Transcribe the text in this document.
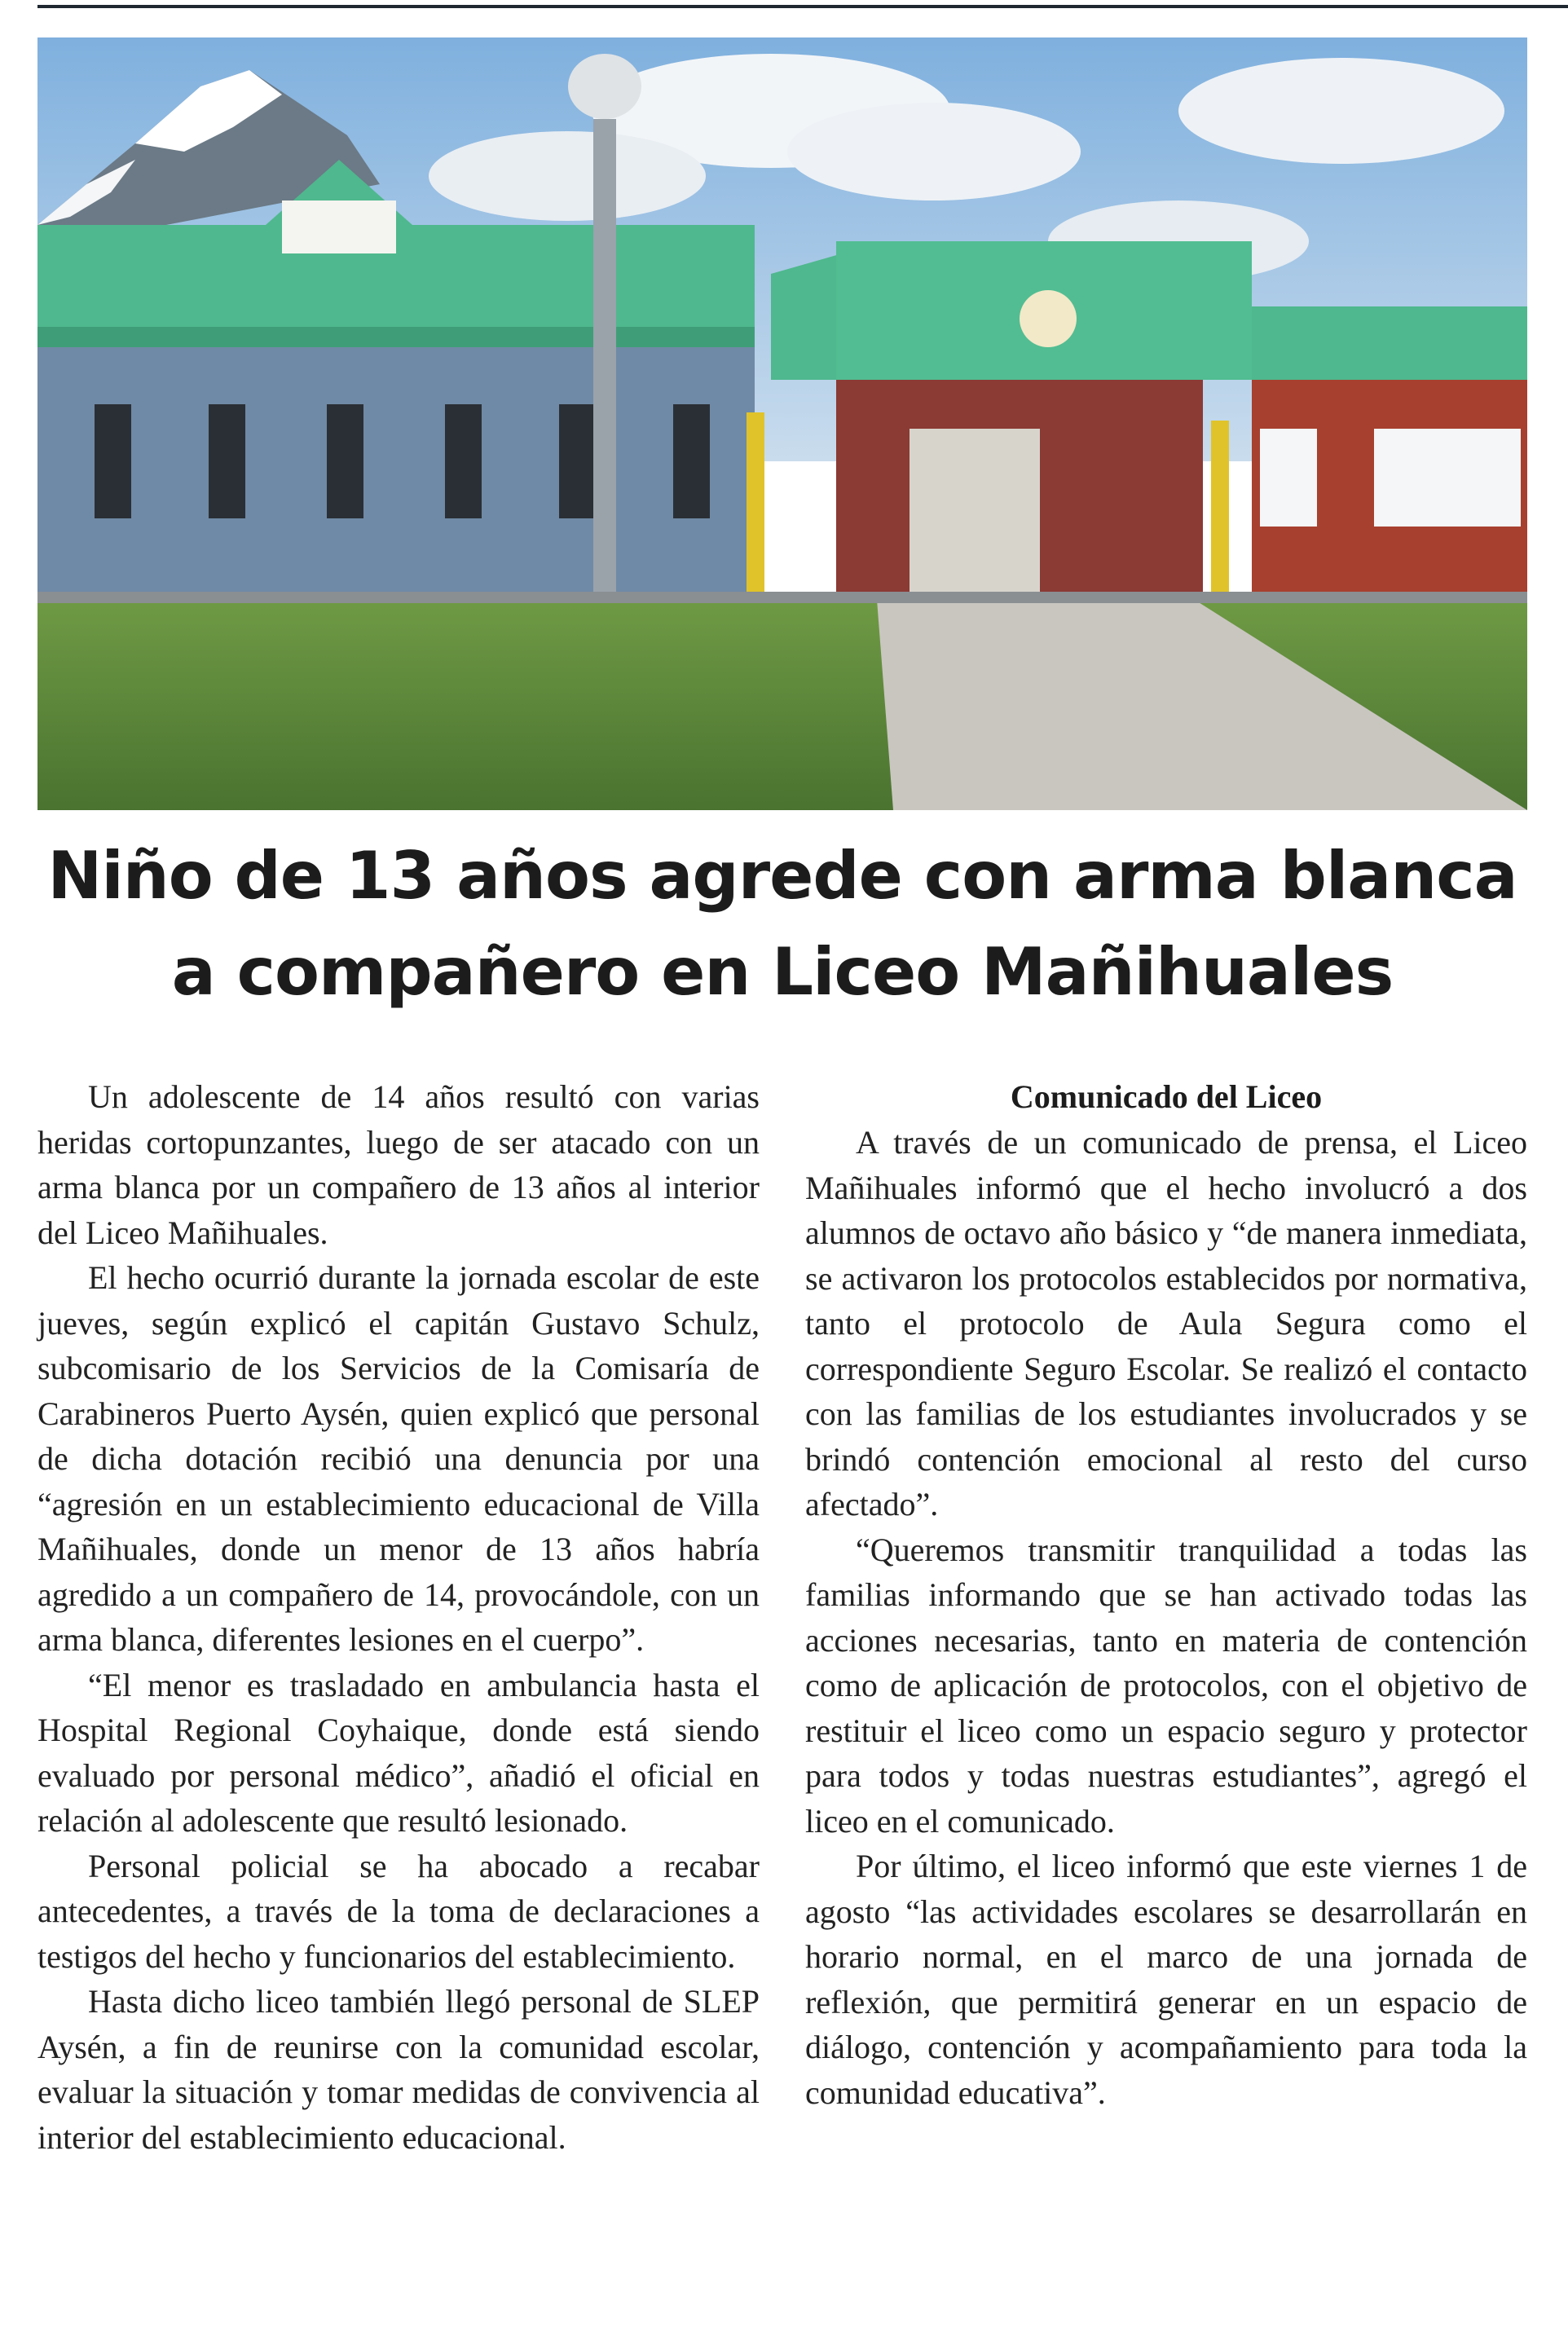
Niño de 13 años agrede con arma blanca
a compañero en Liceo Mañihuales

Un adolescente de 14 años resultó con varias heridas cortopunzantes, luego de ser atacado con un arma blanca por un compañero de 13 años al interior del Liceo Mañihuales.

El hecho ocurrió durante la jornada escolar de este jueves, según explicó el capitán Gustavo Schulz, subcomisario de los Servicios de la Comisaría de Carabineros Puerto Aysén, quien explicó que personal de dicha dotación recibió una denuncia por una “agresión en un establecimiento educacional de Villa Mañihuales, donde un menor de 13 años habría agredido a un compañero de 14, provocándole, con un arma blanca, diferentes lesiones en el cuerpo”.

“El menor es trasladado en ambulancia hasta el Hospital Regional Coyhaique, donde está siendo evaluado por personal médico”, añadió el oficial en relación al adolescente que resultó lesionado.

Personal policial se ha abocado a recabar antecedentes, a través de la toma de declaraciones a testigos del hecho y funcionarios del establecimiento.

Hasta dicho liceo también llegó personal de SLEP Aysén, a fin de reunirse con la comunidad escolar, evaluar la situación y tomar medidas de convivencia al interior del establecimiento educacional.

Comunicado del Liceo

A través de un comunicado de prensa, el Liceo Mañihuales informó que el hecho involucró a dos alumnos de octavo año básico y “de manera inmediata, se activaron los protocolos establecidos por normativa, tanto el protocolo de Aula Segura como el correspondiente Seguro Escolar. Se realizó el contacto con las familias de los estudiantes involucrados y se brindó contención emocional al resto del curso afectado”.

“Queremos transmitir tranquilidad a todas las familias informando que se han activado todas las acciones necesarias, tanto en materia de contención como de aplicación de protocolos, con el objetivo de restituir el liceo como un espacio seguro y protector para todos y todas nuestras estudiantes”, agregó el liceo en el comunicado.

Por último, el liceo informó que este viernes 1 de agosto “las actividades escolares se desarrollarán en horario normal, en el marco de una jornada de reflexión, que permitirá generar en un espacio de diálogo, contención y acompañamiento para toda la comunidad educativa”.
